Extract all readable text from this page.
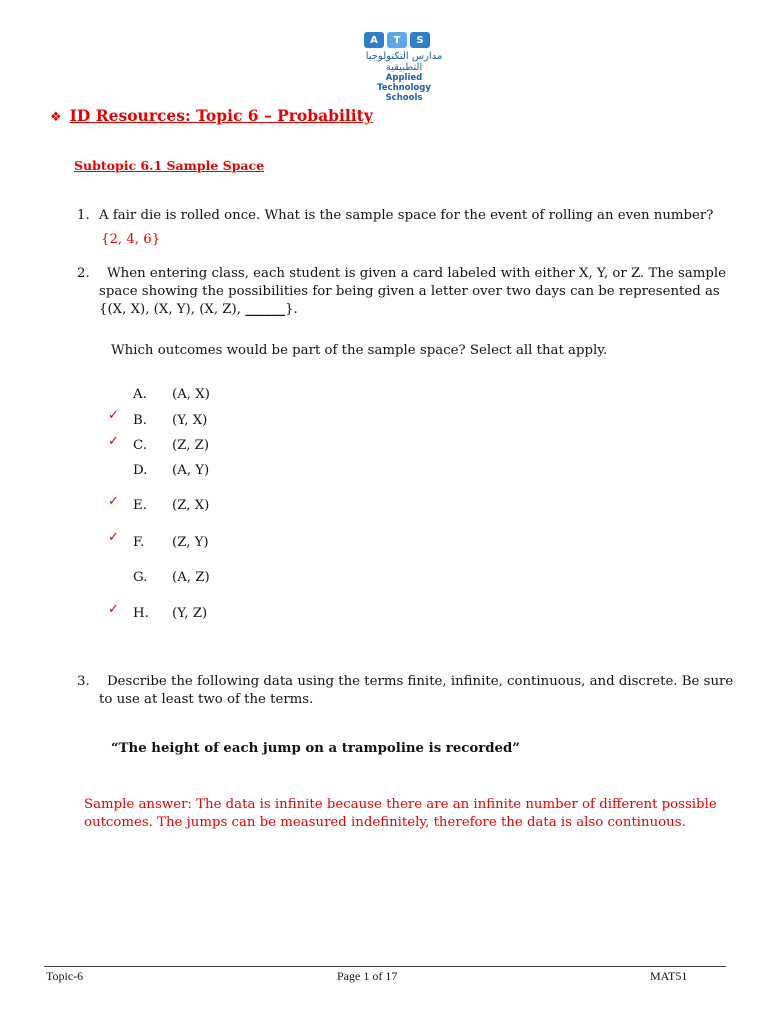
A	T	S
مدارس التكنولوجيا التطبيقية
Applied Technology Schools
❖ ID Resources: Topic 6 – Probability
Subtopic 6.1 Sample Space
1. A fair die is rolled once. What is the sample space for the event of rolling an even number?
{2, 4, 6}
2.	When entering class, each student is given a card labeled with either X, Y, or Z. The sample
space showing the possibilities for being given a letter over two days can be represented as
{(X, X), (X, Y), (X, Z), ______}.
Which outcomes would be part of the sample space? Select all that apply.
A. (A, X)
✓ B. (Y, X)
✓ C. (Z, Z)
D. (A, Y)
✓ E. (Z, X)
✓ F. (Z, Y)
G. (A, Z)
✓ H. (Y, Z)
3.	Describe the following data using the terms finite, infinite, continuous, and discrete. Be sure
to use at least two of the terms.
“The height of each jump on a trampoline is recorded”
Sample answer: The data is infinite because there are an infinite number of different possible
outcomes. The jumps can be measured indefinitely, therefore the data is also continuous.
Topic-6	Page 1 of 17	MAT51
